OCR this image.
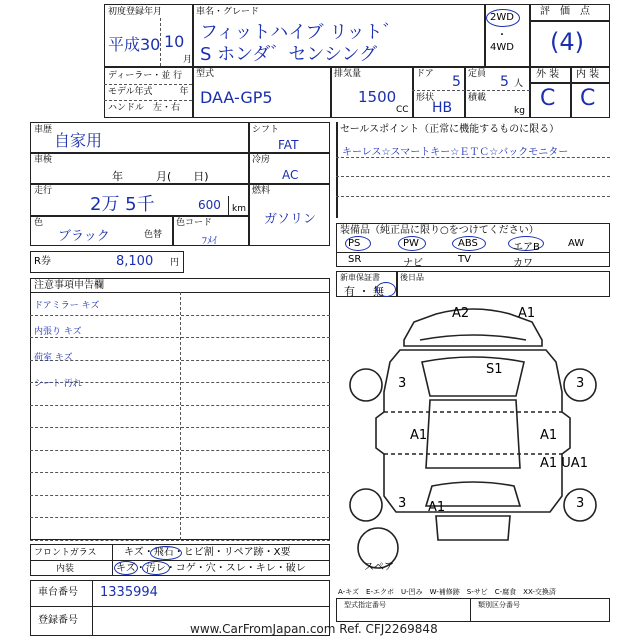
初度登録年月
平成30 10
月
車名・グレード
フィットハイブ リット゛
S ホンダ゛センシング
2WD
・
4WD
ディーラー・並 行
モデル年式　　　年
ハンドル　左・右
型式
DAA-GP5
排気量
1500
CC
ドア 5 定員 5 人
形状
HB
積載
kg
評　価　点
(4)
外 装 内 装
C C
車歴
自家用
車検
年　　　月(　　日)
走行
2万 5千	600 km
色
ブラック	色替
色コード
ﾌﾒｲ
シフト
FAT
冷房
AC
燃料
ガソリン
R券	8,100 円
セールスポイント（正常に機能するものに限る）
キーレス☆スマートキー☆ＥＴＣ☆バックモニター
装備品（純正品に限り○をつけてください）
新車保証書
有 ・ 無
後日品
注意事項申告欄
スペア
フロントガラス	キズ・飛石・ヒビ割・リペア跡・X要
内装	キズ・汚レ・コゲ・穴・スレ・キレ・破レ
車台番号 1335994
登録番号
A-キズ　E-エクボ　U-凹み　W-補修跡　S-サビ　C-腐食　XX-交換済
型式指定番号	類別区分番号
www.CarFromJapan.com Ref. CFJ2269848
PS	PW	ABS	エアB	AW
SR	ナビ	TV	カワ
ドアミラー キズ
内張り キズ
荷室 キズ
シート 汚れ
A2	A1
S1
3	3
A1	A1
A1 UA1
3	3
A1
